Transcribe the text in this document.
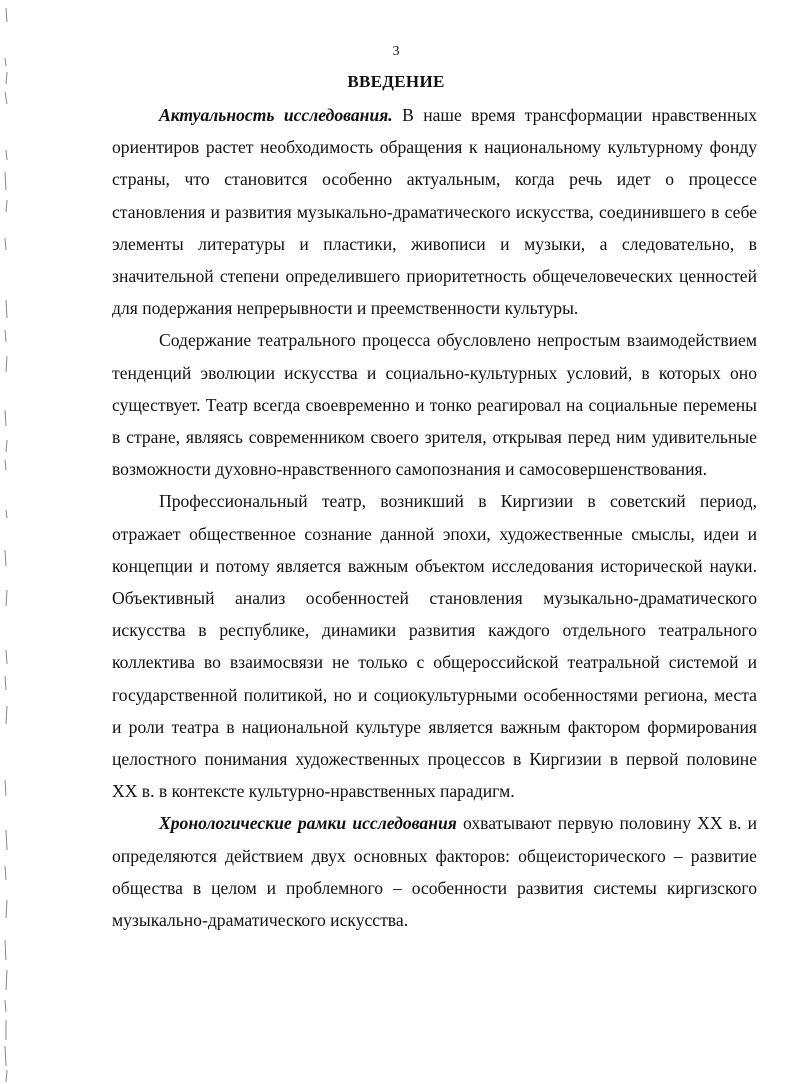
3
ВВЕДЕНИЕ

Актуальность исследования. В наше время трансформации нравственных ориентиров растет необходимость обращения к национальному культурному фонду страны, что становится особенно актуальным, когда речь идет о процессе становления и развития музыкально-драматического искусства, соединившего в себе элементы литературы и пластики, живописи и музыки, а следовательно, в значительной степени определившего приоритетность общечеловеческих ценностей для подержания непрерывности и преемственности культуры.

Содержание театрального процесса обусловлено непростым взаимодействием тенденций эволюции искусства и социально-культурных условий, в которых оно существует. Театр всегда своевременно и тонко реагировал на социальные перемены в стране, являясь современником своего зрителя, открывая перед ним удивительные возможности духовно-нравственного самопознания и самосовершенствования.

Профессиональный театр, возникший в Киргизии в советский период, отражает общественное сознание данной эпохи, художественные смыслы, идеи и концепции и потому является важным объектом исследования исторической науки. Объективный анализ особенностей становления музыкально-драматического искусства в республике, динамики развития каждого отдельного театрального коллектива во взаимосвязи не только с общероссийской театральной системой и государственной политикой, но и социокультурными особенностями региона, места и роли театра в национальной культуре является важным фактором формирования целостного понимания художественных процессов в Киргизии в первой половине XX в. в контексте культурно-нравственных парадигм.

Хронологические рамки исследования охватывают первую половину XX в. и определяются действием двух основных факторов: общеисторического – развитие общества в целом и проблемного – особенности развития системы киргизского музыкально-драматического искусства.
